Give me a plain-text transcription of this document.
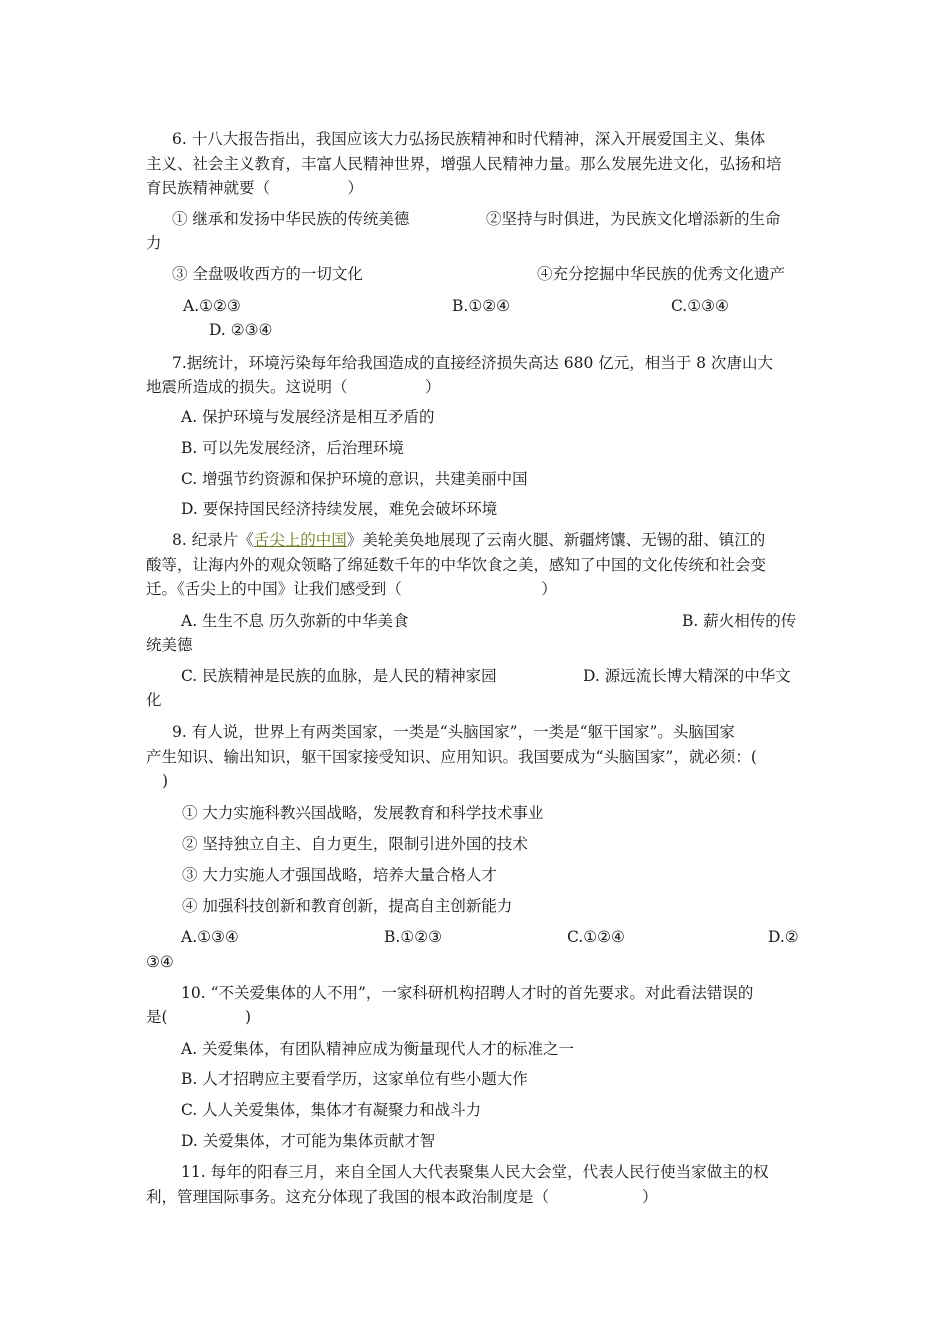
6. 十八大报告指出，我国应该大力弘扬民族精神和时代精神，深入开展爱国主义、集体
主义、社会主义教育，丰富人民精神世界，增强人民精神力量。那么发展先进文化，弘扬和培
育民族精神就要（　　　　　）
① 继承和发扬中华民族的传统美德	②坚持与时俱进，为民族文化增添新的生命
力
③ 全盘吸收西方的一切文化	④充分挖掘中华民族的优秀文化遗产
A.①②③	B.①②④	C.①③④
D. ②③④
7.据统计，环境污染每年给我国造成的直接经济损失高达 680 亿元，相当于 8 次唐山大
地震所造成的损失。这说明（　　　　　）
A. 保护环境与发展经济是相互矛盾的
B. 可以先发展经济，后治理环境
C. 增强节约资源和保护环境的意识，共建美丽中国
D. 要保持国民经济持续发展，难免会破坏环境
8. 纪录片《舌尖上的中国》美轮美奂地展现了云南火腿、新疆烤馕、无锡的甜、镇江的
酸等，让海内外的观众领略了绵延数千年的中华饮食之美，感知了中国的文化传统和社会变
迁。《舌尖上的中国》让我们感受到（　　　　　　　　　）
A. 生生不息 历久弥新的中华美食	B. 薪火相传的传
统美德
C. 民族精神是民族的血脉，是人民的精神家园	D. 源远流长博大精深的中华文
化
9. 有人说，世界上有两类国家，一类是“头脑国家”，一类是“躯干国家”。头脑国家
产生知识、输出知识，躯干国家接受知识、应用知识。我国要成为“头脑国家”，就必须：(
)
① 大力实施科教兴国战略，发展教育和科学技术事业
② 坚持独立自主、自力更生，限制引进外国的技术
③ 大力实施人才强国战略，培养大量合格人才
④ 加强科技创新和教育创新，提高自主创新能力
A.①③④	B.①②③	C.①②④	D.②
③④
10. “不关爱集体的人不用”，一家科研机构招聘人才时的首先要求。对此看法错误的
是(　　　　　)
A. 关爱集体，有团队精神应成为衡量现代人才的标准之一
B. 人才招聘应主要看学历，这家单位有些小题大作
C. 人人关爱集体，集体才有凝聚力和战斗力
D. 关爱集体，才可能为集体贡献才智
11. 每年的阳春三月，来自全国人大代表聚集人民大会堂，代表人民行使当家做主的权
利，管理国际事务。这充分体现了我国的根本政治制度是（　　　　　　）
